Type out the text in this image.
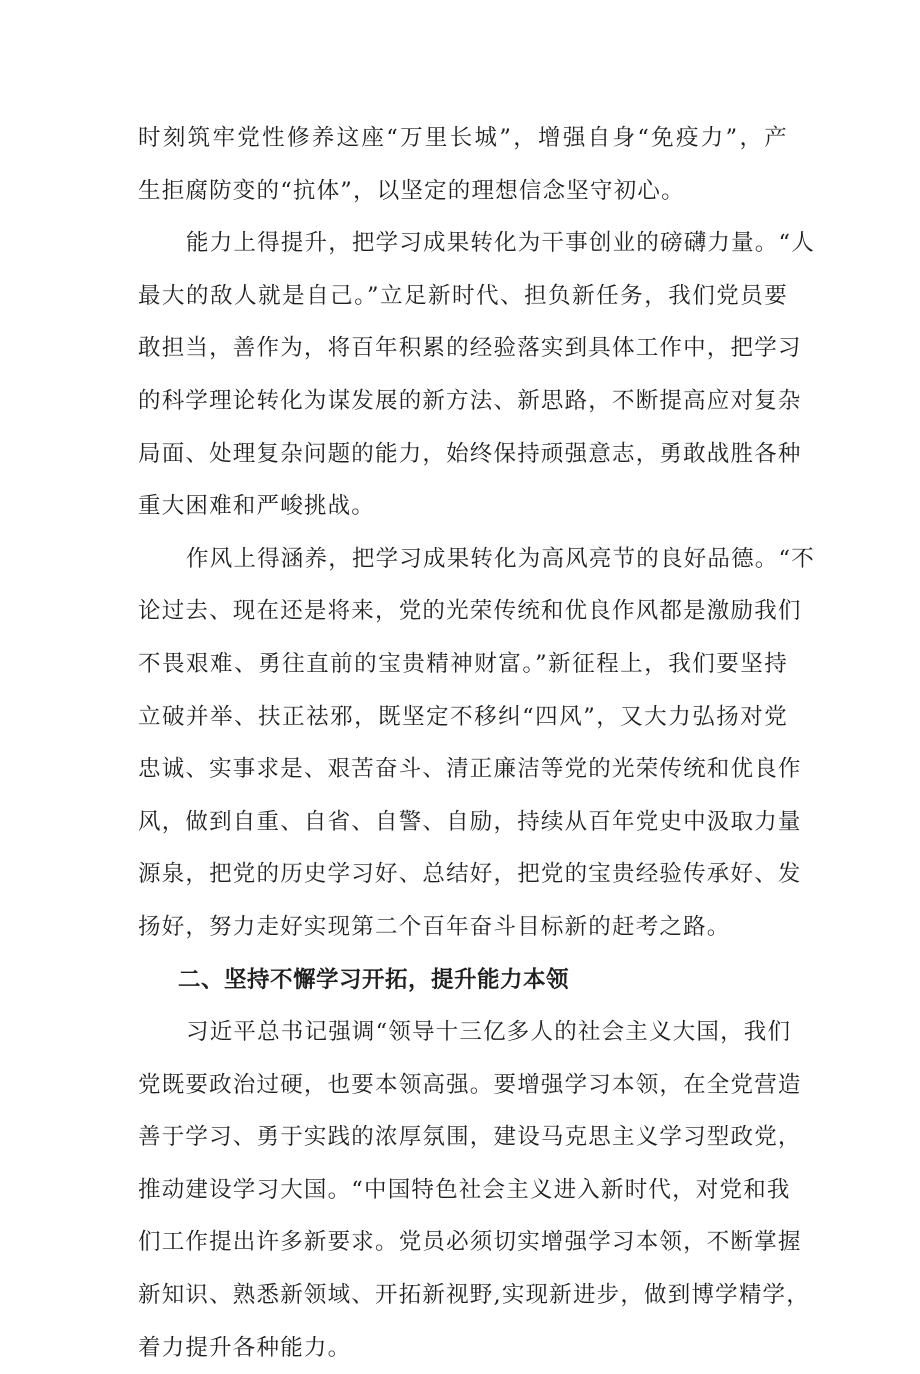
时刻筑牢党性修养这座“万里长城”，增强自身“免疫力”，产
生拒腐防变的“抗体”，以坚定的理想信念坚守初心。
能力上得提升，把学习成果转化为干事创业的磅礴力量。“人
最大的敌人就是自己。”立足新时代、担负新任务，我们党员要
敢担当，善作为，将百年积累的经验落实到具体工作中，把学习
的科学理论转化为谋发展的新方法、新思路，不断提高应对复杂
局面、处理复杂问题的能力，始终保持顽强意志，勇敢战胜各种
重大困难和严峻挑战。
作风上得涵养，把学习成果转化为高风亮节的良好品德。“不
论过去、现在还是将来，党的光荣传统和优良作风都是激励我们
不畏艰难、勇往直前的宝贵精神财富。”新征程上，我们要坚持
立破并举、扶正祛邪，既坚定不移纠“四风”，又大力弘扬对党
忠诚、实事求是、艰苦奋斗、清正廉洁等党的光荣传统和优良作
风，做到自重、自省、自警、自励，持续从百年党史中汲取力量
源泉，把党的历史学习好、总结好，把党的宝贵经验传承好、发
扬好，努力走好实现第二个百年奋斗目标新的赶考之路。
二、坚持不懈学习开拓，提升能力本领
习近平总书记强调“领导十三亿多人的社会主义大国，我们
党既要政治过硬，也要本领高强。要增强学习本领，在全党营造
善于学习、勇于实践的浓厚氛围，建设马克思主义学习型政党，
推动建设学习大国。“中国特色社会主义进入新时代，对党和我
们工作提出许多新要求。党员必须切实增强学习本领，不断掌握
新知识、熟悉新领域、开拓新视野,实现新进步，做到博学精学，
着力提升各种能力。
